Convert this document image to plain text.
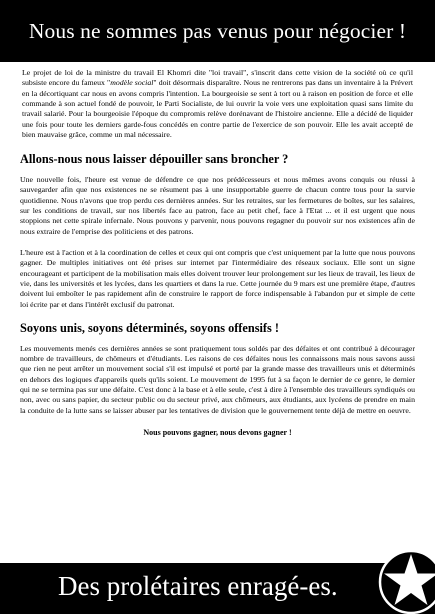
Nous ne sommes pas venus pour négocier !

Le projet de loi de la ministre du travail El Khomri dite "loi travail", s'inscrit dans cette vision de la société où ce qu'il subsiste encore du fameux "modèle social" doit désormais disparaître. Nous ne rentrerons pas dans un inventaire à la Prévert en la décortiquant car nous en avons compris l'intention. La bourgeoisie se sent à tort ou à raison en position de force et elle commande à son actuel fondé de pouvoir, le Parti Socialiste, de lui ouvrir la voie vers une exploitation quasi sans limite du travail salarié. Pour la bourgeoisie l'époque du compromis relève dorénavant de l'histoire ancienne. Elle a décidé de liquider une fois pour toute les derniers garde-fous concédés en contre partie de l'exercice de son pouvoir. Elle les avait accepté de bien mauvaise grâce, comme un mal nécessaire.

Allons-nous nous laisser dépouiller sans broncher ?

Une nouvelle fois, l'heure est venue de défendre ce que nos prédécesseurs et nous mêmes avons conquis ou réussi à sauvegarder afin que nos existences ne se résument pas à une insupportable guerre de chacun contre tous pour la survie quotidienne. Nous n'avons que trop perdu ces dernières années. Sur les retraites, sur les fermetures de boîtes, sur les salaires, sur les conditions de travail, sur nos libertés face au patron, face au petit chef, face à l'Etat ... et il est urgent que nous stoppions net cette spirale infernale. Nous pouvons y parvenir, nous pouvons regagner du pouvoir sur nos existences afin de nous extraire de l'emprise des politiciens et des patrons.

L'heure est à l'action et à la coordination de celles et ceux qui ont compris que c'est uniquement par la lutte que nous pouvons gagner. De multiples initiatives ont été prises sur internet par l'intermédiaire des réseaux sociaux. Elle sont un signe encourageant et participent de la mobilisation mais elles doivent trouver leur prolongement sur les lieux de travail, les lieux de vie, dans les universités et les lycées, dans les quartiers et dans la rue. Cette journée du 9 mars est une première étape, d'autres doivent lui emboîter le pas rapidement afin de construire le rapport de force indispensable à l'abandon pur et simple de cette loi écrite par et dans l'intérêt exclusif du patronat.

Soyons unis, soyons déterminés, soyons offensifs !

Les mouvements menés ces dernières années se sont pratiquement tous soldés par des défaites et ont contribué à décourager nombre de travailleurs, de chômeurs et d'étudiants. Les raisons de ces défaites nous les connaissons mais nous savons aussi que rien ne peut arrêter un mouvement social s'il est impulsé et porté par la grande masse des travailleurs unis et déterminés en dehors des logiques d'appareils quels qu'ils soient. Le mouvement de 1995 fut à sa façon le dernier de ce genre, le dernier qui ne se termina pas sur une défaite. C'est donc à la base et à elle seule, c'est à dire à l'ensemble des travailleurs syndiqués ou non, avec ou sans papier, du secteur public ou du secteur privé, aux chômeurs, aux étudiants, aux lycéens de prendre en main la conduite de la lutte sans se laisser abuser par les tentatives de division que le gouvernement tente déjà de mettre en oeuvre.

Nous pouvons gagner, nous devons gagner !
Des prolétaires enragé-es.
